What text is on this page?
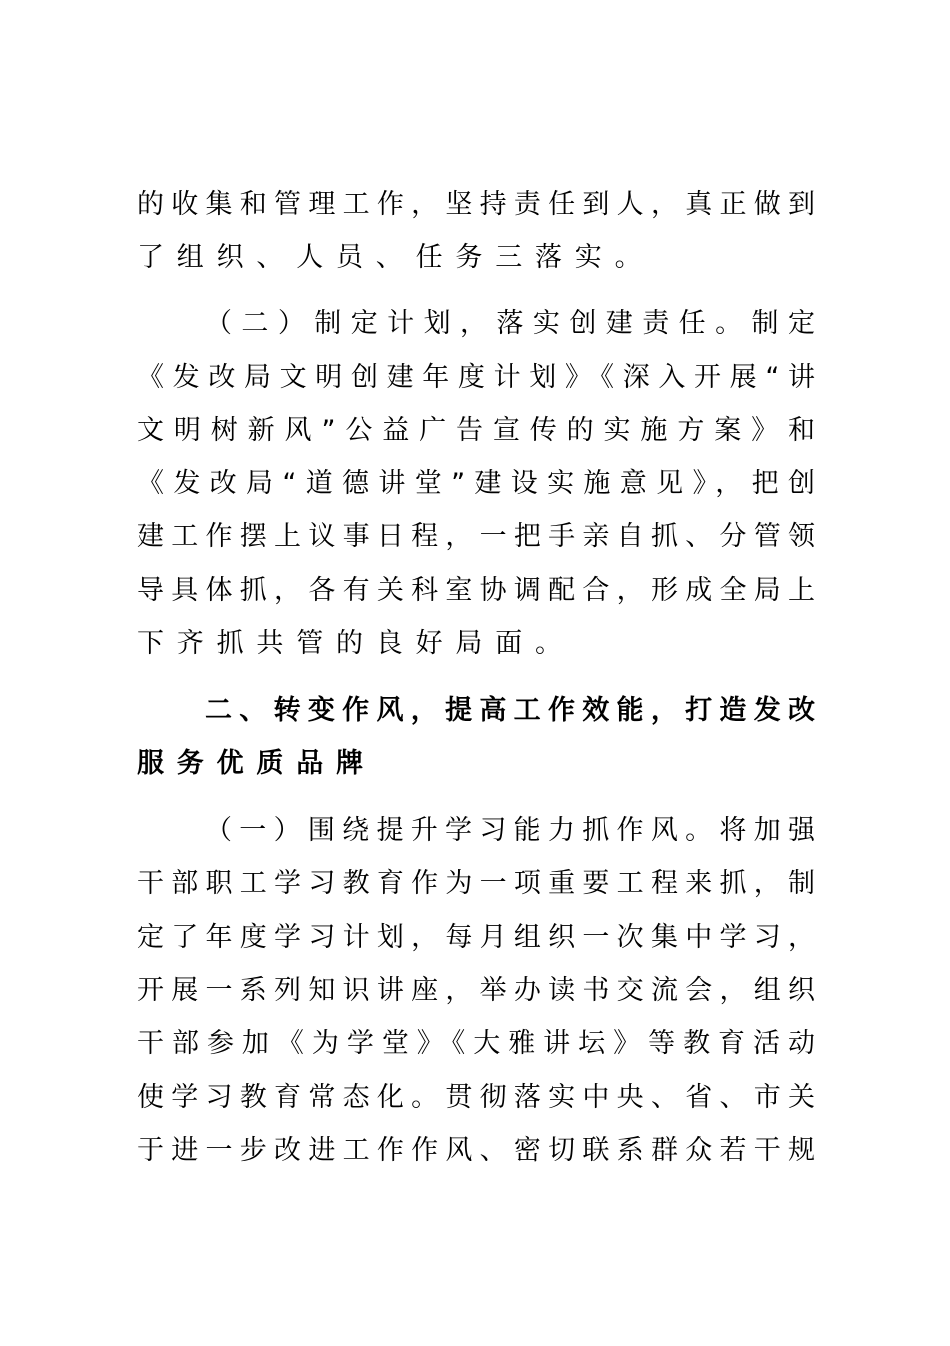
的收集和管理工作，坚持责任到人，真正做到
了组织、人员、任务三落实。
（二）制定计划，落实创建责任。制定
《发改局文明创建年度计划》《深入开展“讲
文明树新风”公益广告宣传的实施方案》和
《发改局“道德讲堂”建设实施意见》，把创
建工作摆上议事日程，一把手亲自抓、分管领
导具体抓，各有关科室协调配合，形成全局上
下齐抓共管的良好局面。
二、转变作风，提高工作效能，打造发改
服务优质品牌
（一）围绕提升学习能力抓作风。将加强
干部职工学习教育作为一项重要工程来抓，制
定了年度学习计划，每月组织一次集中学习，
开展一系列知识讲座，举办读书交流会，组织
干部参加《为学堂》《大雅讲坛》等教育活动
使学习教育常态化。贯彻落实中央、省、市关
于进一步改进工作作风、密切联系群众若干规
